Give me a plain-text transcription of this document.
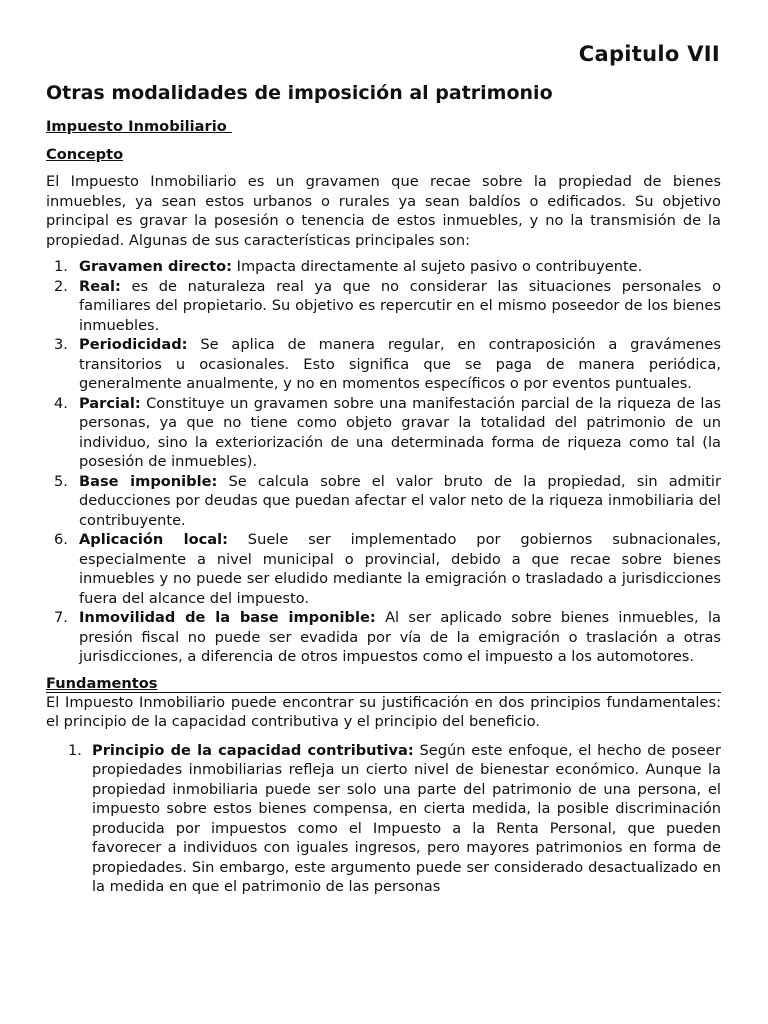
Capitulo VII
Otras modalidades de imposición al patrimonio
Impuesto Inmobiliario
Concepto

El Impuesto Inmobiliario es un gravamen que recae sobre la propiedad de bienes inmuebles, ya sean estos urbanos o rurales ya sean baldíos o edificados. Su objetivo principal es gravar la posesión o tenencia de estos inmuebles, y no la transmisión de la propiedad. Algunas de sus características principales son:

1. Gravamen directo: Impacta directamente al sujeto pasivo o contribuyente.
2. Real: es de naturaleza real ya que no considerar las situaciones personales o familiares del propietario. Su objetivo es repercutir en el mismo poseedor de los bienes inmuebles.
3. Periodicidad: Se aplica de manera regular, en contraposición a gravámenes transitorios u ocasionales. Esto significa que se paga de manera periódica, generalmente anualmente, y no en momentos específicos o por eventos puntuales.
4. Parcial: Constituye un gravamen sobre una manifestación parcial de la riqueza de las personas, ya que no tiene como objeto gravar la totalidad del patrimonio de un individuo, sino la exteriorización de una determinada forma de riqueza como tal (la posesión de inmuebles).
5. Base imponible: Se calcula sobre el valor bruto de la propiedad, sin admitir deducciones por deudas que puedan afectar el valor neto de la riqueza inmobiliaria del contribuyente.
6. Aplicación local: Suele ser implementado por gobiernos subnacionales, especialmente a nivel municipal o provincial, debido a que recae sobre bienes inmuebles y no puede ser eludido mediante la emigración o trasladado a jurisdicciones fuera del alcance del impuesto.
7. Inmovilidad de la base imponible: Al ser aplicado sobre bienes inmuebles, la presión fiscal no puede ser evadida por vía de la emigración o traslación a otras jurisdicciones, a diferencia de otros impuestos como el impuesto a los automotores.
Fundamentos

El Impuesto Inmobiliario puede encontrar su justificación en dos principios fundamentales: el principio de la capacidad contributiva y el principio del beneficio.

1. Principio de la capacidad contributiva: Según este enfoque, el hecho de poseer propiedades inmobiliarias refleja un cierto nivel de bienestar económico. Aunque la propiedad inmobiliaria puede ser solo una parte del patrimonio de una persona, el impuesto sobre estos bienes compensa, en cierta medida, la posible discriminación producida por impuestos como el Impuesto a la Renta Personal, que pueden favorecer a individuos con iguales ingresos, pero mayores patrimonios en forma de propiedades. Sin embargo, este argumento puede ser considerado desactualizado en la medida en que el patrimonio de las personas
